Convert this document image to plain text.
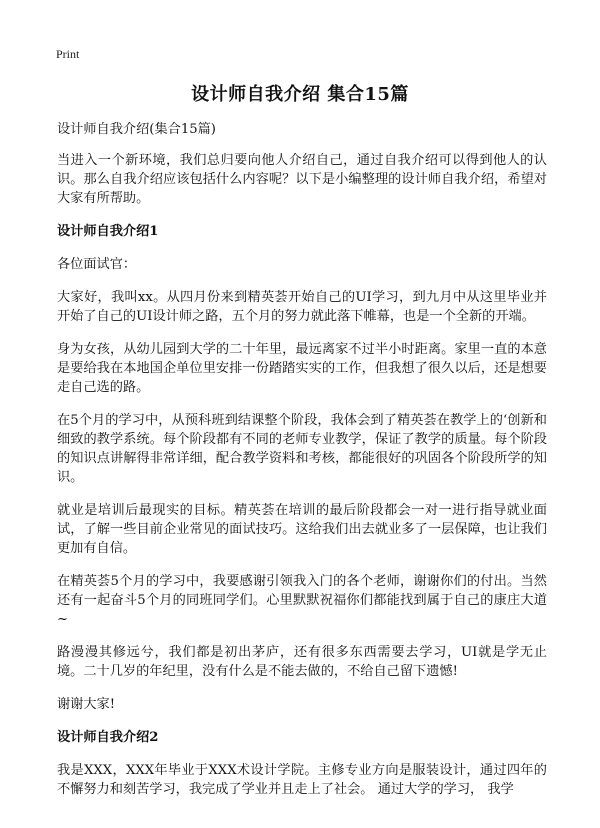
Print
设计师自我介绍 集合15篇

设计师自我介绍(集合15篇)

当进入一个新环境，我们总归要向他人介绍自己，通过自我介绍可以得到他人的认识。那么自我介绍应该包括什么内容呢？以下是小编整理的设计师自我介绍，希望对大家有所帮助。

设计师自我介绍1

各位面试官：

大家好，我叫xx。从四月份来到精英荟开始自己的UI学习，到九月中从这里毕业并开始了自己的UI设计师之路，五个月的努力就此落下帷幕，也是一个全新的开端。

身为女孩，从幼儿园到大学的二十年里，最远离家不过半小时距离。家里一直的本意是要给我在本地国企单位里安排一份踏踏实实的工作，但我想了很久以后，还是想要走自己选的路。

在5个月的学习中，从预科班到结课整个阶段，我体会到了精英荟在教学上的‘创新和细致的教学系统。每个阶段都有不同的老师专业教学，保证了教学的质量。每个阶段的知识点讲解得非常详细，配合教学资料和考核，都能很好的巩固各个阶段所学的知识。

就业是培训后最现实的目标。精英荟在培训的最后阶段都会一对一进行指导就业面试，了解一些目前企业常见的面试技巧。这给我们出去就业多了一层保障，也让我们更加有自信。

在精英荟5个月的学习中，我要感谢引领我入门的各个老师，谢谢你们的付出。当然还有一起奋斗5个月的同班同学们。心里默默祝福你们都能找到属于自己的康庄大道~

路漫漫其修远兮，我们都是初出茅庐，还有很多东西需要去学习，UI就是学无止境。二十几岁的年纪里，没有什么是不能去做的，不给自己留下遗憾!

谢谢大家!

设计师自我介绍2

我是XXX，XXX年毕业于XXX术设计学院。主修专业方向是服装设计，通过四年的不懈努力和刻苦学习，我完成了学业并且走上了社会。 通过大学的学习， 我学
